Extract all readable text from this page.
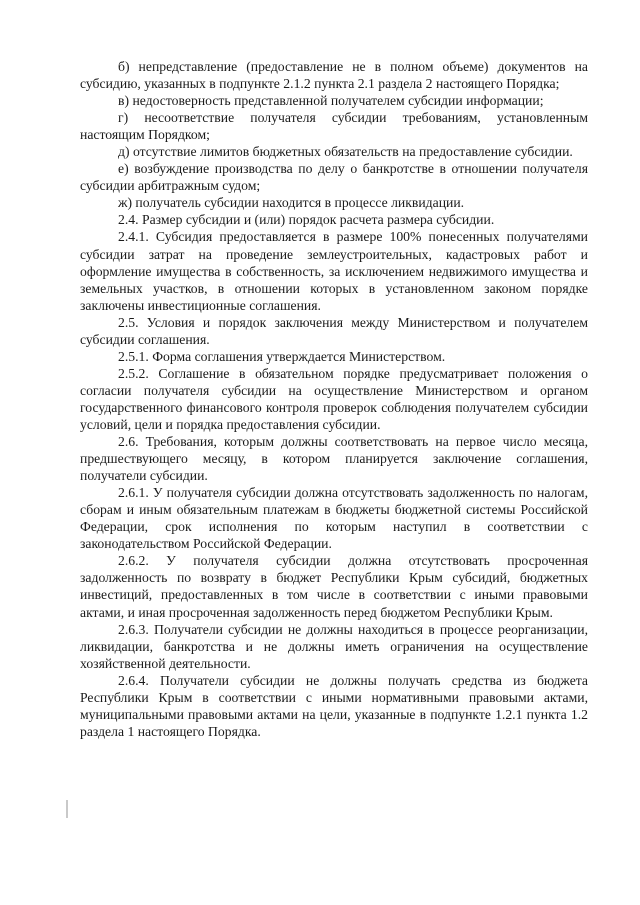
б) непредставление (предоставление не в полном объеме) документов на субсидию, указанных в подпункте 2.1.2 пункта 2.1 раздела 2 настоящего Порядка;

в) недостоверность представленной получателем субсидии информации;

г) несоответствие получателя субсидии требованиям, установленным настоящим Порядком;

д) отсутствие лимитов бюджетных обязательств на предоставление субсидии.

е) возбуждение производства по делу о банкротстве в отношении получателя субсидии арбитражным судом;

ж) получатель субсидии находится в процессе ликвидации.

2.4. Размер субсидии и (или) порядок расчета размера субсидии.

2.4.1. Субсидия предоставляется в размере 100% понесенных получателями субсидии затрат на проведение землеустроительных, кадастровых работ и оформление имущества в собственность, за исключением недвижимого имущества и земельных участков, в отношении которых в установленном законом порядке заключены инвестиционные соглашения.

2.5. Условия и порядок заключения между Министерством и получателем субсидии соглашения.

2.5.1. Форма соглашения утверждается Министерством.

2.5.2. Соглашение в обязательном порядке предусматривает положения о согласии получателя субсидии на осуществление Министерством и органом государственного финансового контроля проверок соблюдения получателем субсидии условий, цели и порядка предоставления субсидии.

2.6. Требования, которым должны соответствовать на первое число месяца, предшествующего месяцу, в котором планируется заключение соглашения, получатели субсидии.

2.6.1. У получателя субсидии должна отсутствовать задолженность по налогам, сборам и иным обязательным платежам в бюджеты бюджетной системы Российской Федерации, срок исполнения по которым наступил в соответствии с законодательством Российской Федерации.

2.6.2. У получателя субсидии должна отсутствовать просроченная задолженность по возврату в бюджет Республики Крым субсидий, бюджетных инвестиций, предоставленных в том числе в соответствии с иными правовыми актами, и иная просроченная задолженность перед бюджетом Республики Крым.

2.6.3. Получатели субсидии не должны находиться в процессе реорганизации, ликвидации, банкротства и не должны иметь ограничения на осуществление хозяйственной деятельности.

2.6.4. Получатели субсидии не должны получать средства из бюджета Республики Крым в соответствии с иными нормативными правовыми актами, муниципальными правовыми актами на цели, указанные в подпункте 1.2.1 пункта 1.2 раздела 1 настоящего Порядка.
